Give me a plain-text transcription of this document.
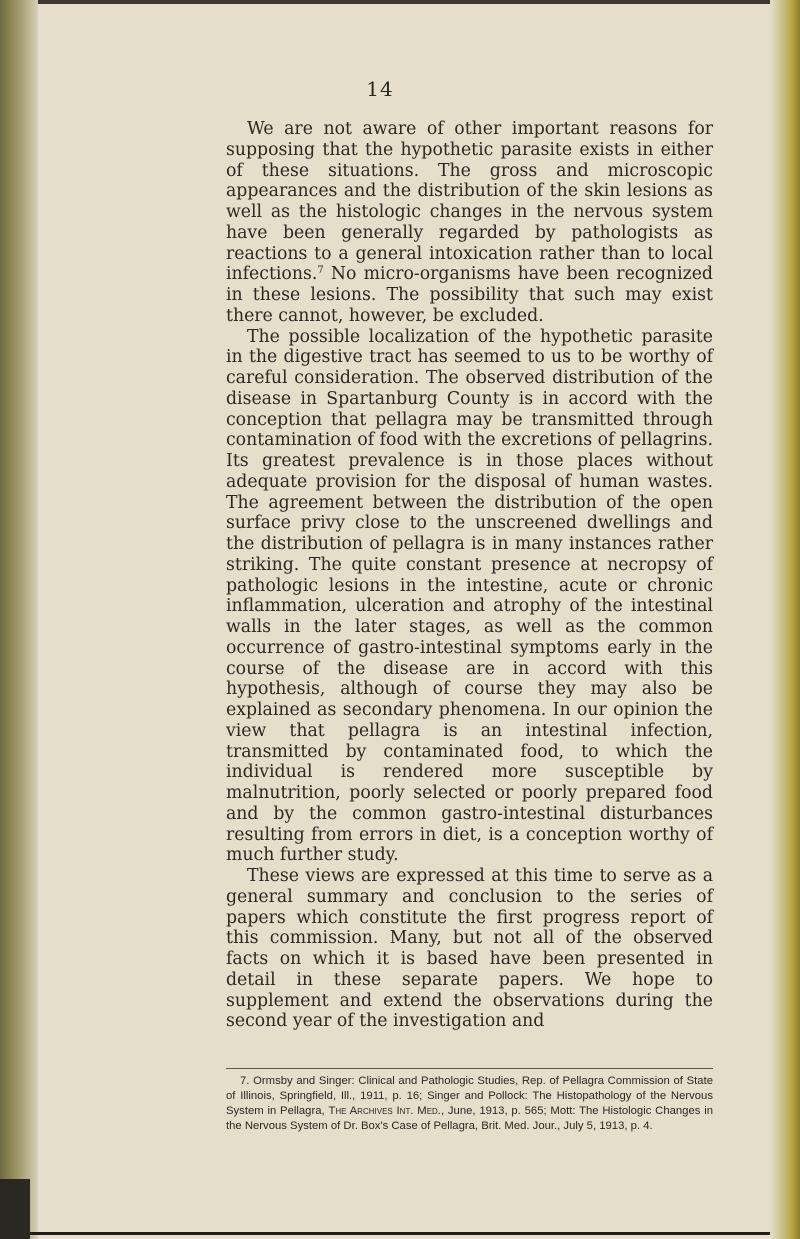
14

We are not aware of other important reasons for supposing that the hypothetic parasite exists in either of these situations. The gross and microscopic appearances and the distribution of the skin lesions as well as the histologic changes in the nervous system have been generally regarded by pathologists as reactions to a general intoxication rather than to local infections.$^7$ No micro-organisms have been recognized in these lesions. The possibility that such may exist there cannot, however, be excluded.

The possible localization of the hypothetic parasite in the digestive tract has seemed to us to be worthy of careful consideration. The observed distribution of the disease in Spartanburg County is in accord with the conception that pellagra may be transmitted through contamination of food with the excretions of pellagrins. Its greatest prevalence is in those places without adequate provision for the disposal of human wastes. The agreement between the distribution of the open surface privy close to the unscreened dwellings and the distribution of pellagra is in many instances rather striking. The quite constant presence at necropsy of pathologic lesions in the intestine, acute or chronic inflammation, ulceration and atrophy of the intestinal walls in the later stages, as well as the common occurrence of gastro-intestinal symptoms early in the course of the disease are in accord with this hypothesis, although of course they may also be explained as secondary phenomena. In our opinion the view that pellagra is an intestinal infection, transmitted by contaminated food, to which the individual is rendered more susceptible by malnutrition, poorly selected or poorly prepared food and by the common gastro-intestinal disturbances resulting from errors in diet, is a conception worthy of much further study.

These views are expressed at this time to serve as a general summary and conclusion to the series of papers which constitute the first progress report of this commission. Many, but not all of the observed facts on which it is based have been presented in detail in these separate papers. We hope to supplement and extend the observations during the second year of the investigation and

7. Ormsby and Singer: Clinical and Pathologic Studies, Rep. of Pellagra Commission of State of Illinois, Springfield, Ill., 1911, p. 16; Singer and Pollock: The Histopathology of the Nervous System in Pellagra, The Archives Int. Med., June, 1913, p. 565; Mott: The Histologic Changes in the Nervous System of Dr. Box's Case of Pellagra, Brit. Med. Jour., July 5, 1913, p. 4.
